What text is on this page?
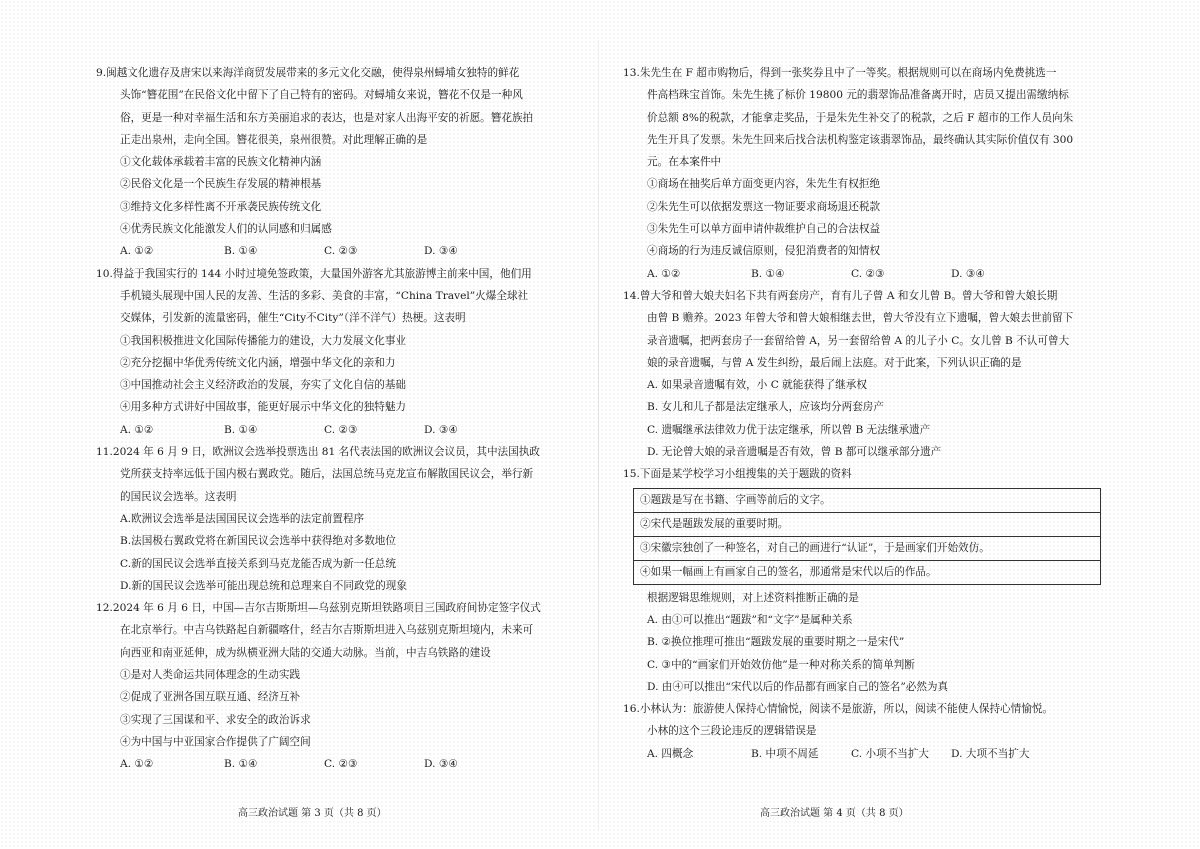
9.闽越文化遗存及唐宋以来海洋商贸发展带来的多元文化交融，使得泉州蟳埔女独特的鲜花
头饰“簪花围”在民俗文化中留下了自己特有的密码。对蟳埔女来说，簪花不仅是一种风
俗，更是一种对幸福生活和东方美丽追求的表达，也是对家人出海平安的祈愿。簪花族拍
正走出泉州，走向全国。簪花很美，泉州很赞。对此理解正确的是
①文化载体承载着丰富的民族文化精神内涵
②民俗文化是一个民族生存发展的精神根基
③维持文化多样性离不开承袭民族传统文化
④优秀民族文化能激发人们的认同感和归属感
A. ①②	B. ①④	C. ②③	D. ③④
10.得益于我国实行的 144 小时过境免签政策，大量国外游客尤其旅游博主前来中国，他们用
手机镜头展现中国人民的友善、生活的多彩、美食的丰富，“China Travel”火爆全球社
交媒体，引发新的流量密码，催生“City不City”（洋不洋气）热梗。这表明
①我国积极推进文化国际传播能力的建设，大力发展文化事业
②充分挖掘中华优秀传统文化内涵，增强中华文化的亲和力
③中国推动社会主义经济政治的发展，夯实了文化自信的基础
④用多种方式讲好中国故事，能更好展示中华文化的独特魅力
A. ①②	B. ①④	C. ②③	D. ③④
11.2024 年 6 月 9 日，欧洲议会选举投票选出 81 名代表法国的欧洲议会议员，其中法国执政
党所获支持率远低于国内极右翼政党。随后，法国总统马克龙宣布解散国民议会，举行新
的国民议会选举。这表明
A.欧洲议会选举是法国国民议会选举的法定前置程序
B.法国极右翼政党将在新国民议会选举中获得绝对多数地位
C.新的国民议会选举直接关系到马克龙能否成为新一任总统
D.新的国民议会选举可能出现总统和总理来自不同政党的现象
12.2024 年 6 月 6 日，中国—吉尔吉斯斯坦—乌兹别克斯坦铁路项目三国政府间协定签字仪式
在北京举行。中吉乌铁路起自新疆喀什，经吉尔吉斯斯坦进入乌兹别克斯坦境内，未来可
向西亚和南亚延伸，成为纵横亚洲大陆的交通大动脉。当前，中吉乌铁路的建设
①是对人类命运共同体理念的生动实践
②促成了亚洲各国互联互通、经济互补
③实现了三国谋和平、求安全的政治诉求
④为中国与中亚国家合作提供了广阔空间
A. ①②	B. ①④	C. ②③	D. ③④
13.朱先生在 F 超市购物后，得到一张奖券且中了一等奖。根据规则可以在商场内免费挑选一
件高档珠宝首饰。朱先生挑了标价 19800 元的翡翠饰品准备离开时，店员又提出需缴纳标
价总额 8%的税款，才能拿走奖品，于是朱先生补交了的税款，之后 F 超市的工作人员向朱
先生开具了发票。朱先生回来后找合法机构鉴定该翡翠饰品，最终确认其实际价值仅有 300
元。在本案件中
①商场在抽奖后单方面变更内容，朱先生有权拒绝
②朱先生可以依据发票这一物证要求商场退还税款
③朱先生可以单方面申请仲裁维护自己的合法权益
④商场的行为违反诚信原则，侵犯消费者的知情权
A. ①②	B. ①④	C. ②③	D. ③④
14.曾大爷和曾大娘夫妇名下共有两套房产，育有儿子曾 A 和女儿曾 B。曾大爷和曾大娘长期
由曾 B 赡养。2023 年曾大爷和曾大娘相继去世，曾大爷没有立下遗嘱，曾大娘去世前留下
录音遗嘱，把两套房子一套留给曾 A，另一套留给曾 A 的儿子小 C。女儿曾 B 不认可曾大
娘的录音遗嘱，与曾 A 发生纠纷，最后闹上法庭。对于此案，下列认识正确的是
A. 如果录音遗嘱有效，小 C 就能获得了继承权
B. 女儿和儿子都是法定继承人，应该均分两套房产
C. 遗嘱继承法律效力优于法定继承，所以曾 B 无法继承遗产
D. 无论曾大娘的录音遗嘱是否有效，曾 B 都可以继承部分遗产
15.下面是某学校学习小组搜集的关于题跋的资料
①题跋是写在书籍、字画等前后的文字。
②宋代是题跋发展的重要时期。
③宋徽宗独创了一种签名，对自己的画进行“认证”，于是画家们开始效仿。
④如果一幅画上有画家自己的签名，那通常是宋代以后的作品。
根据逻辑思维规则，对上述资料推断正确的是
A. 由①可以推出“题跋”和“文字”是属种关系
B. ②换位推理可推出“题跋发展的重要时期之一是宋代”
C. ③中的“画家们开始效仿他”是一种对称关系的简单判断
D. 由④可以推出“宋代以后的作品都有画家自己的签名”必然为真
16.小林认为：旅游使人保持心情愉悦，阅读不是旅游，所以，阅读不能使人保持心情愉悦。
小林的这个三段论违反的逻辑错误是
A. 四概念	B. 中项不周延	C. 小项不当扩大	D. 大项不当扩大
高三政治试题 第 3 页（共 8 页）	高三政治试题 第 4 页（共 8 页）
